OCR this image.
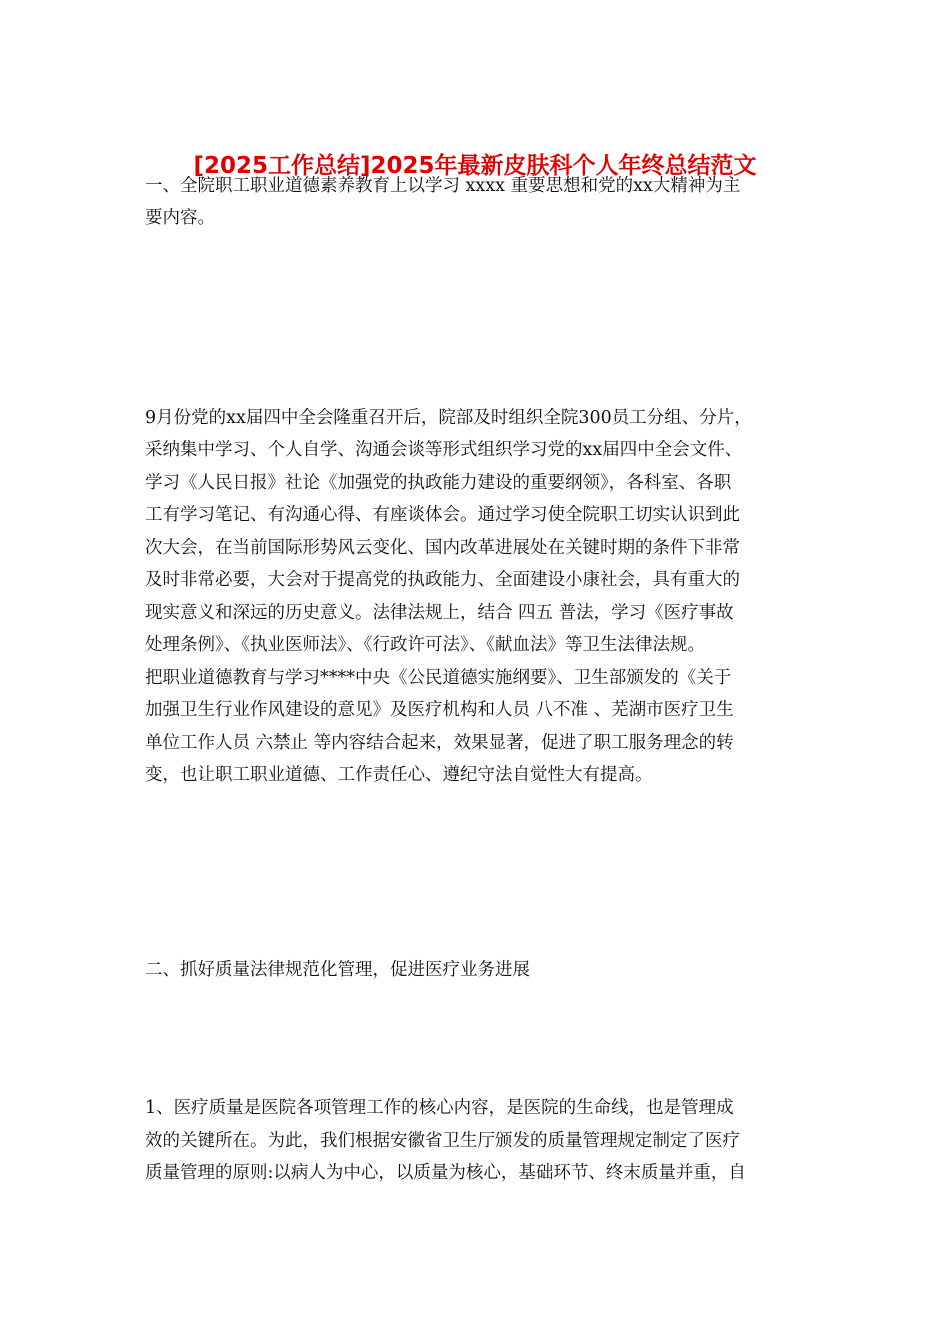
[2025工作总结]2025年最新皮肤科个人年终总结范文

一、全院职工职业道德素养教育上以学习 xxxx 重要思想和党的xx大精神为主

要内容。

9月份党的xx届四中全会隆重召开后，院部及时组织全院300员工分组、分片，

采纳集中学习、个人自学、沟通会谈等形式组织学习党的xx届四中全会文件、

学习《人民日报》社论《加强党的执政能力建设的重要纲领》，各科室、各职

工有学习笔记、有沟通心得、有座谈体会。通过学习使全院职工切实认识到此

次大会，在当前国际形势风云变化、国内改革进展处在关键时期的条件下非常

及时非常必要，大会对于提高党的执政能力、全面建设小康社会，具有重大的

现实意义和深远的历史意义。法律法规上，结合 四五 普法，学习《医疗事故

处理条例》、《执业医师法》、《行政许可法》、《献血法》等卫生法律法规。

把职业道德教育与学习****中央《公民道德实施纲要》、卫生部颁发的《关于

加强卫生行业作风建设的意见》及医疗机构和人员 八不准 、芜湖市医疗卫生

单位工作人员 六禁止 等内容结合起来，效果显著，促进了职工服务理念的转

变，也让职工职业道德、工作责任心、遵纪守法自觉性大有提高。

二、抓好质量法律规范化管理，促进医疗业务进展

1、医疗质量是医院各项管理工作的核心内容，是医院的生命线，也是管理成

效的关键所在。为此，我们根据安徽省卫生厅颁发的质量管理规定制定了医疗

质量管理的原则:以病人为中心，以质量为核心，基础环节、终末质量并重，自
